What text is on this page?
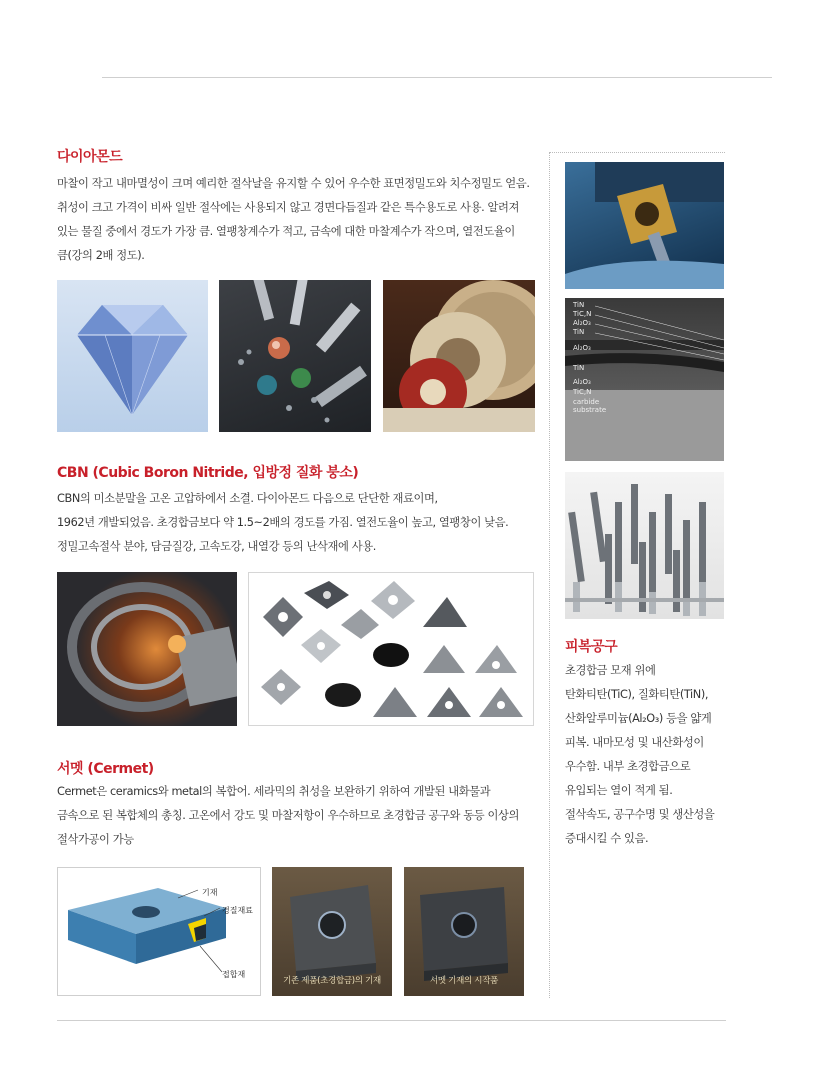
다이아몬드
마찰이 작고 내마멸성이 크며 예리한 절삭날을 유지할 수 있어 우수한 표면정밀도와 치수정밀도 얻음.
취성이 크고 가격이 비싸 일반 절삭에는 사용되지 않고 경면다듬질과 같은 특수용도로 사용. 알려져
있는 물질 중에서 경도가 가장 큼. 열팽창계수가 적고, 금속에 대한 마찰계수가 작으며, 열전도율이
큼(강의 2배 정도).
CBN (Cubic Boron Nitride, 입방정 질화 붕소)
CBN의 미소분말을 고온 고압하에서 소결. 다이아몬드 다음으로 단단한 재료이며,
1962년 개발되었음. 초경합금보다 약 1.5~2배의 경도를 가짐. 열전도율이 높고, 열팽창이 낮음.
정밀고속절삭 분야, 담금질강, 고속도강, 내열강 등의 난삭재에 사용.
서멧 (Cermet)
Cermet은 ceramics와 metal의 복합어. 세라믹의 취성을 보완하기 위하여 개발된 내화물과
금속으로 된 복합체의 총칭. 고온에서 강도 및 마찰저항이 우수하므로 초경합금 공구와 동등 이상의
절삭가공이 가능
기재
경질재료
접합재
기존 제품(초경합금)의 기재	서멧 기재의 시작품
TiN
TiC,N
Al₂O₃
TiN
Al₂O₃
TiN
Al₂O₃
TiC,N
carbide
substrate
피복공구
초경합금 모재 위에
탄화티탄(TiC), 질화티탄(TiN),
산화알루미늄(Al₂O₃) 등을 얇게
피복. 내마모성 및 내산화성이
우수함. 내부 초경합금으로
유입되는 열이 적게 됨.
절삭속도, 공구수명 및 생산성을
증대시킬 수 있음.
